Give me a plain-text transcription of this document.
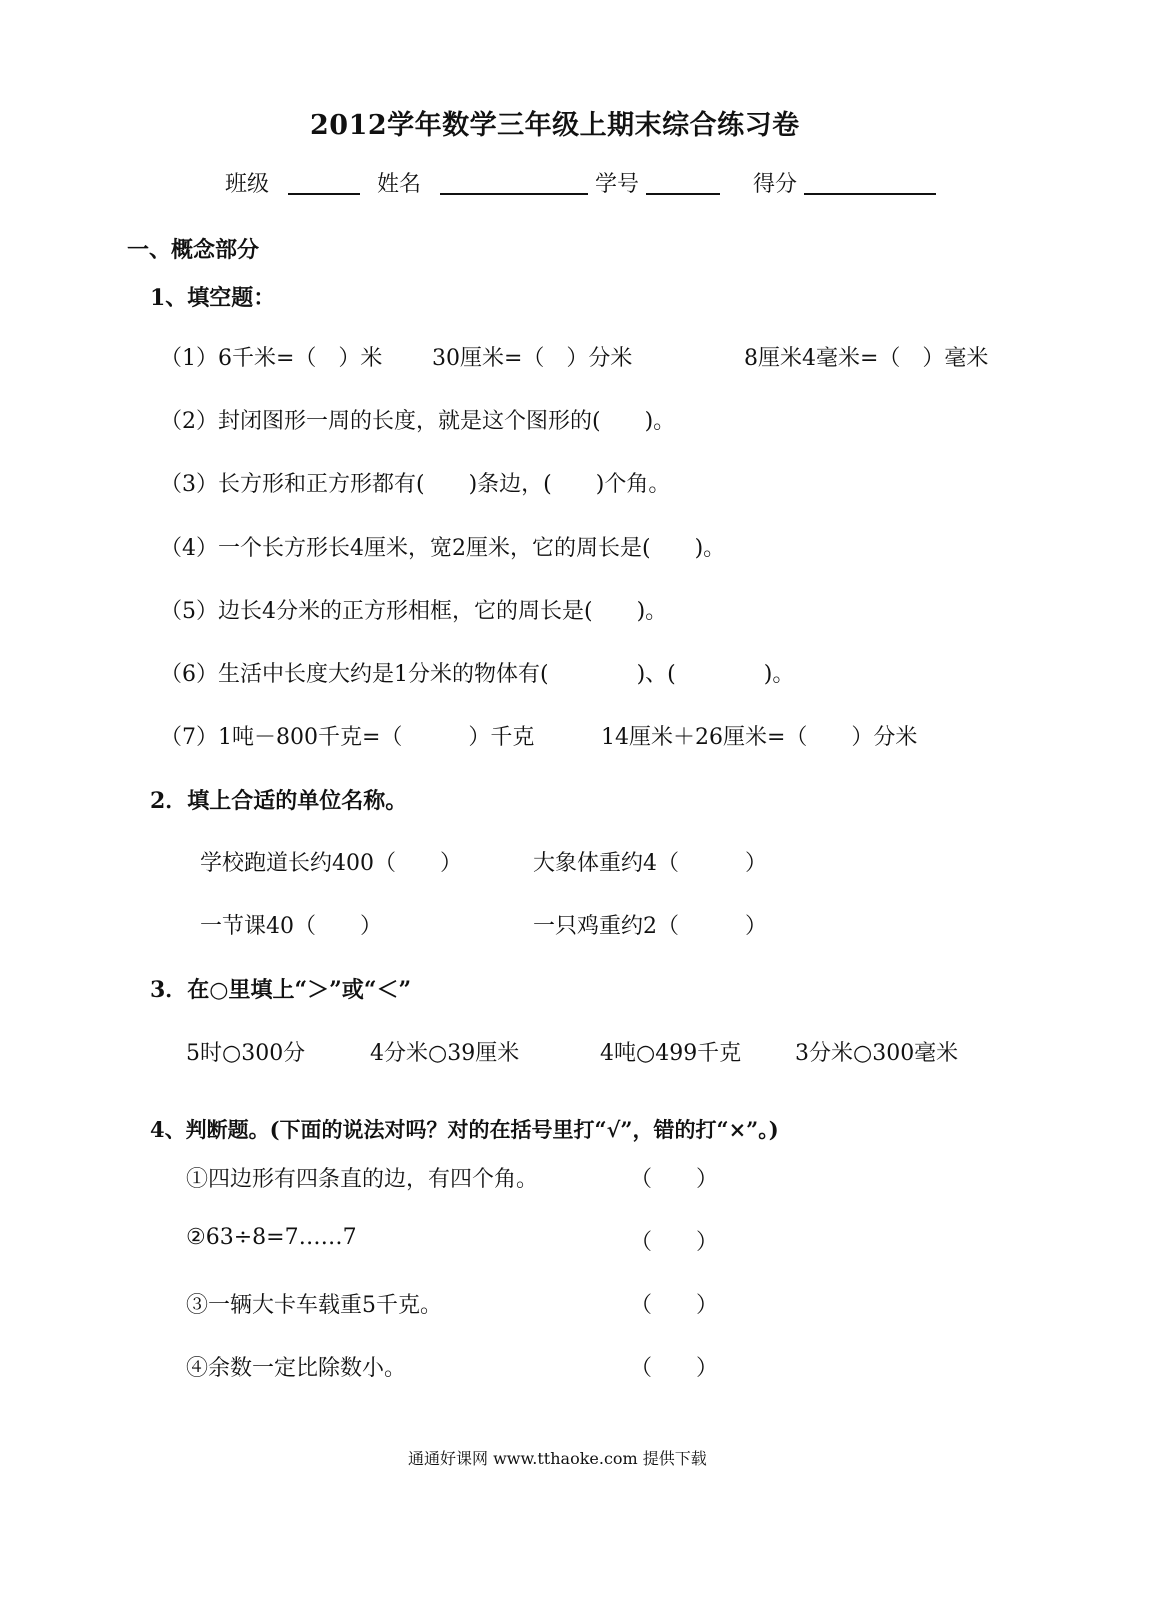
2012学年数学三年级上期末综合练习卷
班级	姓名	学号	得分
一、概念部分
1、填空题：
（1）6千米=（　）米 30厘米=（　）分米	8厘米4毫米=（　）毫米
（2）封闭图形一周的长度，就是这个图形的(　　)。
（3）长方形和正方形都有(　　)条边，(　　)个角。
（4）一个长方形长4厘米，宽2厘米，它的周长是(　　)。
（5）边长4分米的正方形相框，它的周长是(　　)。
（6）生活中长度大约是1分米的物体有(　　　　)、(　　　　)。
（7）1吨－800千克=（　　　）千克	14厘米＋26厘米=（　　）分米
2．填上合适的单位名称。
学校跑道长约400（　　）	大象体重约4（　　　）
一节课40（　　）	一只鸡重约2（　　　）
3．在○里填上“＞”或“＜”
5时○300分	4分米○39厘米	4吨○499千克 3分米○300毫米
4、判断题。(下面的说法对吗？对的在括号里打“√”，错的打“×”。)
①四边形有四条直的边，有四个角。	（　　）
②63÷8=7……7	（　　）
③一辆大卡车载重5千克。	（　　）
④余数一定比除数小。	（　　）
通通好课网 www.tthaoke.com 提供下载
